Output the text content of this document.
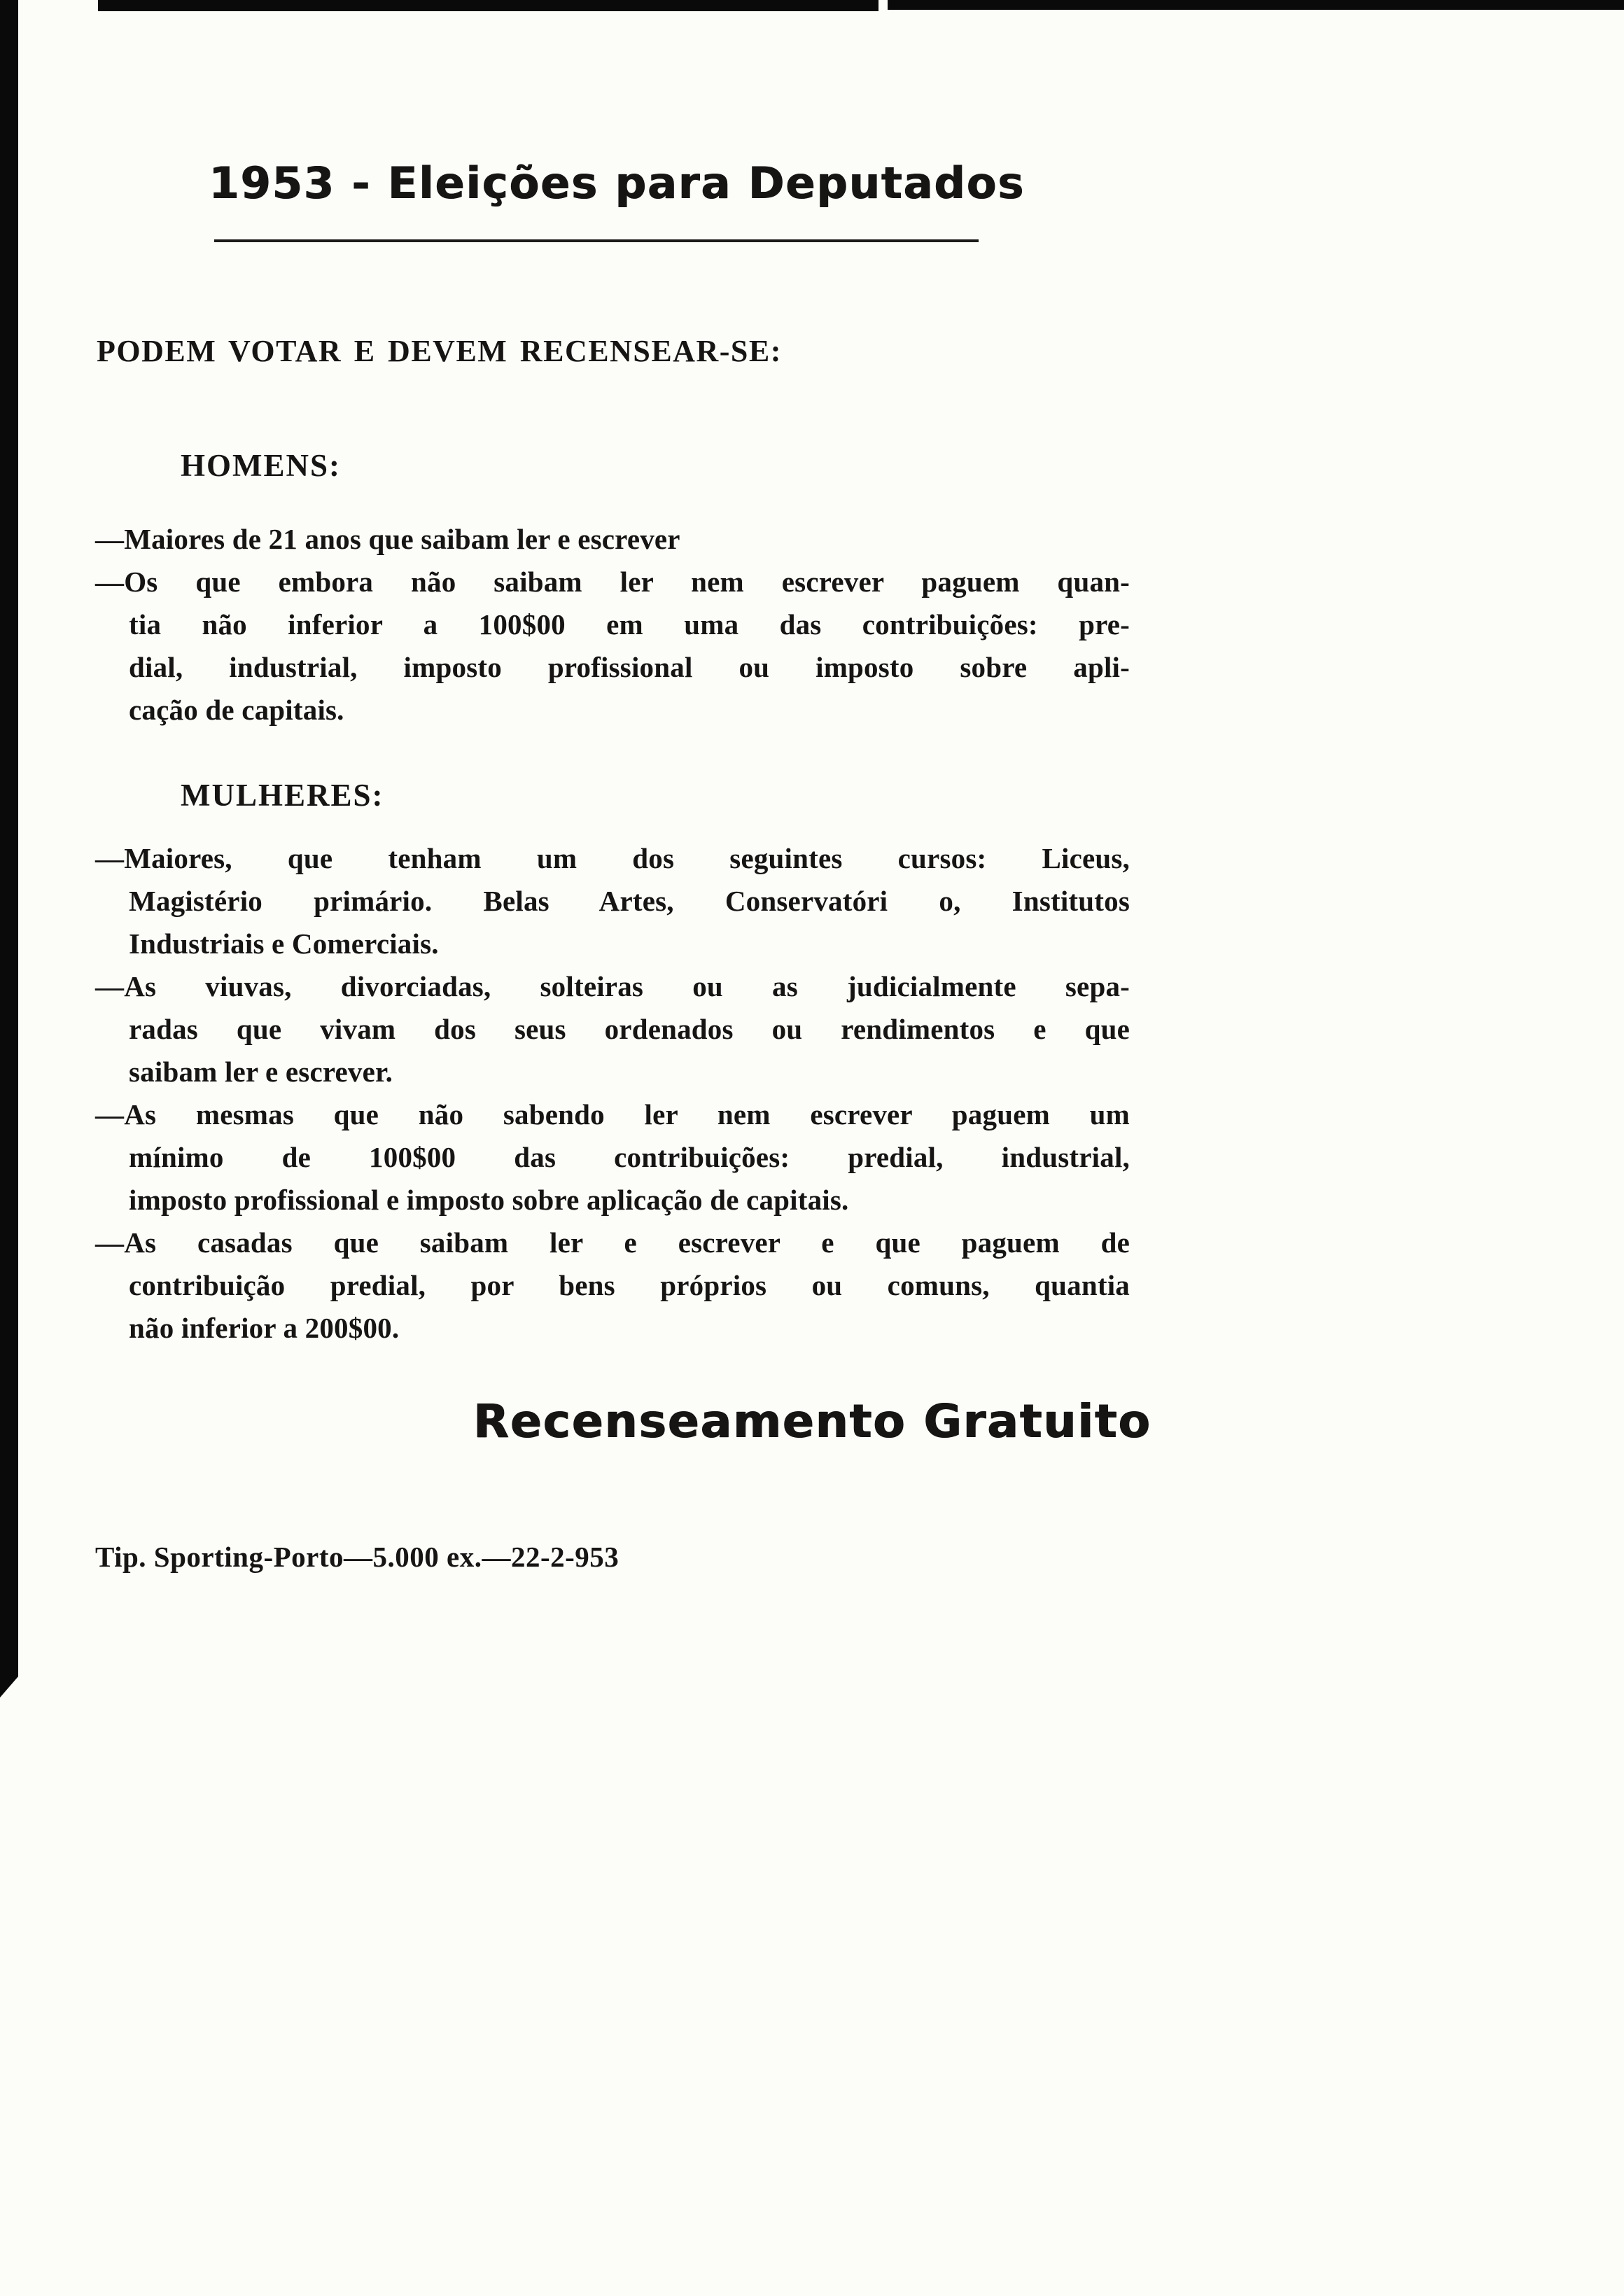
1953 - Eleições para Deputados
PODEM VOTAR E DEVEM RECENSEAR-SE:
HOMENS:
—Maiores de 21 anos que saibam ler e escrever
—Os que embora não saibam ler nem escrever paguem quan-
tia não inferior a 100$00 em uma das contribuições: pre-
dial, industrial, imposto profissional ou imposto sobre apli-
cação de capitais.
MULHERES:
—Maiores, que tenham um dos seguintes cursos: Liceus,
Magistério primário. Belas Artes, Conservatóri o, Institutos
Industriais e Comerciais.
—As viuvas, divorciadas, solteiras ou as judicialmente sepa-
radas que vivam dos seus ordenados ou rendimentos e que
saibam ler e escrever.
—As mesmas que não sabendo ler nem escrever paguem um
mínimo de 100$00 das contribuições: predial, industrial,
imposto profissional e imposto sobre aplicação de capitais.
—As casadas que saibam ler e escrever e que paguem de
contribuição predial, por bens próprios ou comuns, quantia
não inferior a 200$00.
Recenseamento Gratuito
Tip. Sporting-Porto—5.000 ex.—22-2-953
